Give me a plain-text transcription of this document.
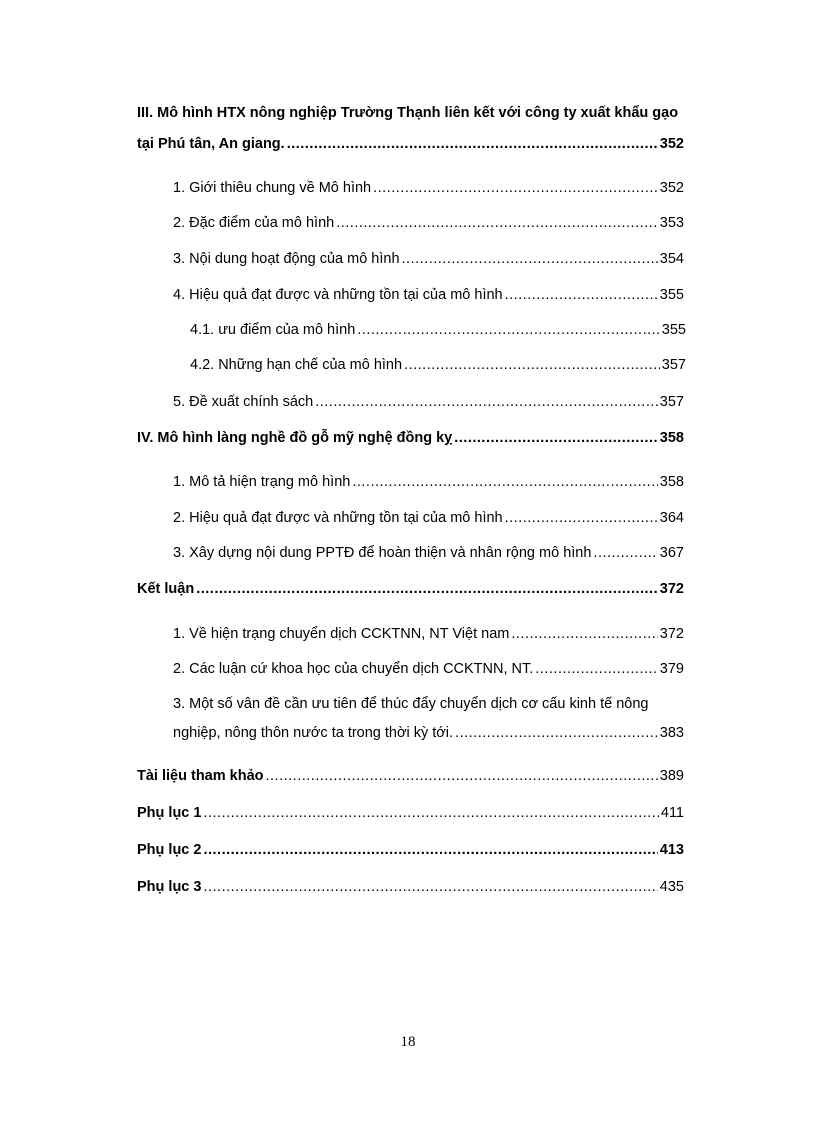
III. Mô hình HTX nông nghiệp Trường Thạnh liên kết với công ty xuất khẩu gạo
tại Phú tân, An giang. .....	352
1. Giới thiêu chung về Mô hình .....	352
2. Đặc điểm của mô hình .....	353
3. Nội dung hoạt động của mô hình .....	354
4. Hiệu quả đạt được và những tồn tại của mô hình .....	355
4.1. ưu điểm của mô hình .....	355
4.2. Những hạn chế của mô hình .....	357
5. Đề xuất chính sách .....	357
IV. Mô hình làng nghề đồ gỗ mỹ nghệ đồng kỵ .....	358
1. Mô tả hiện trạng mô hình .....	358
2. Hiệu quả đạt được và những tồn tại của mô hình .....	364
3. Xây dựng nội dung PPTĐ để hoàn thiện và nhân rộng mô hình .....	367
Kết luận .....	372
1. Về hiện trạng chuyển dịch CCKTNN, NT Việt nam .....	372
2. Các luận cứ khoa học của chuyển dịch CCKTNN, NT. .....	379
3. Một số vân đề cần ưu tiên để thúc đẩy chuyển dịch cơ cấu kinh tế nông
nghiệp, nông thôn nước ta trong thời kỳ tới. .....	383
Tài liệu tham khảo .....	389
Phụ lục 1 .....	411
Phụ lục 2 .....	413
Phụ lục 3 .....	435
18
